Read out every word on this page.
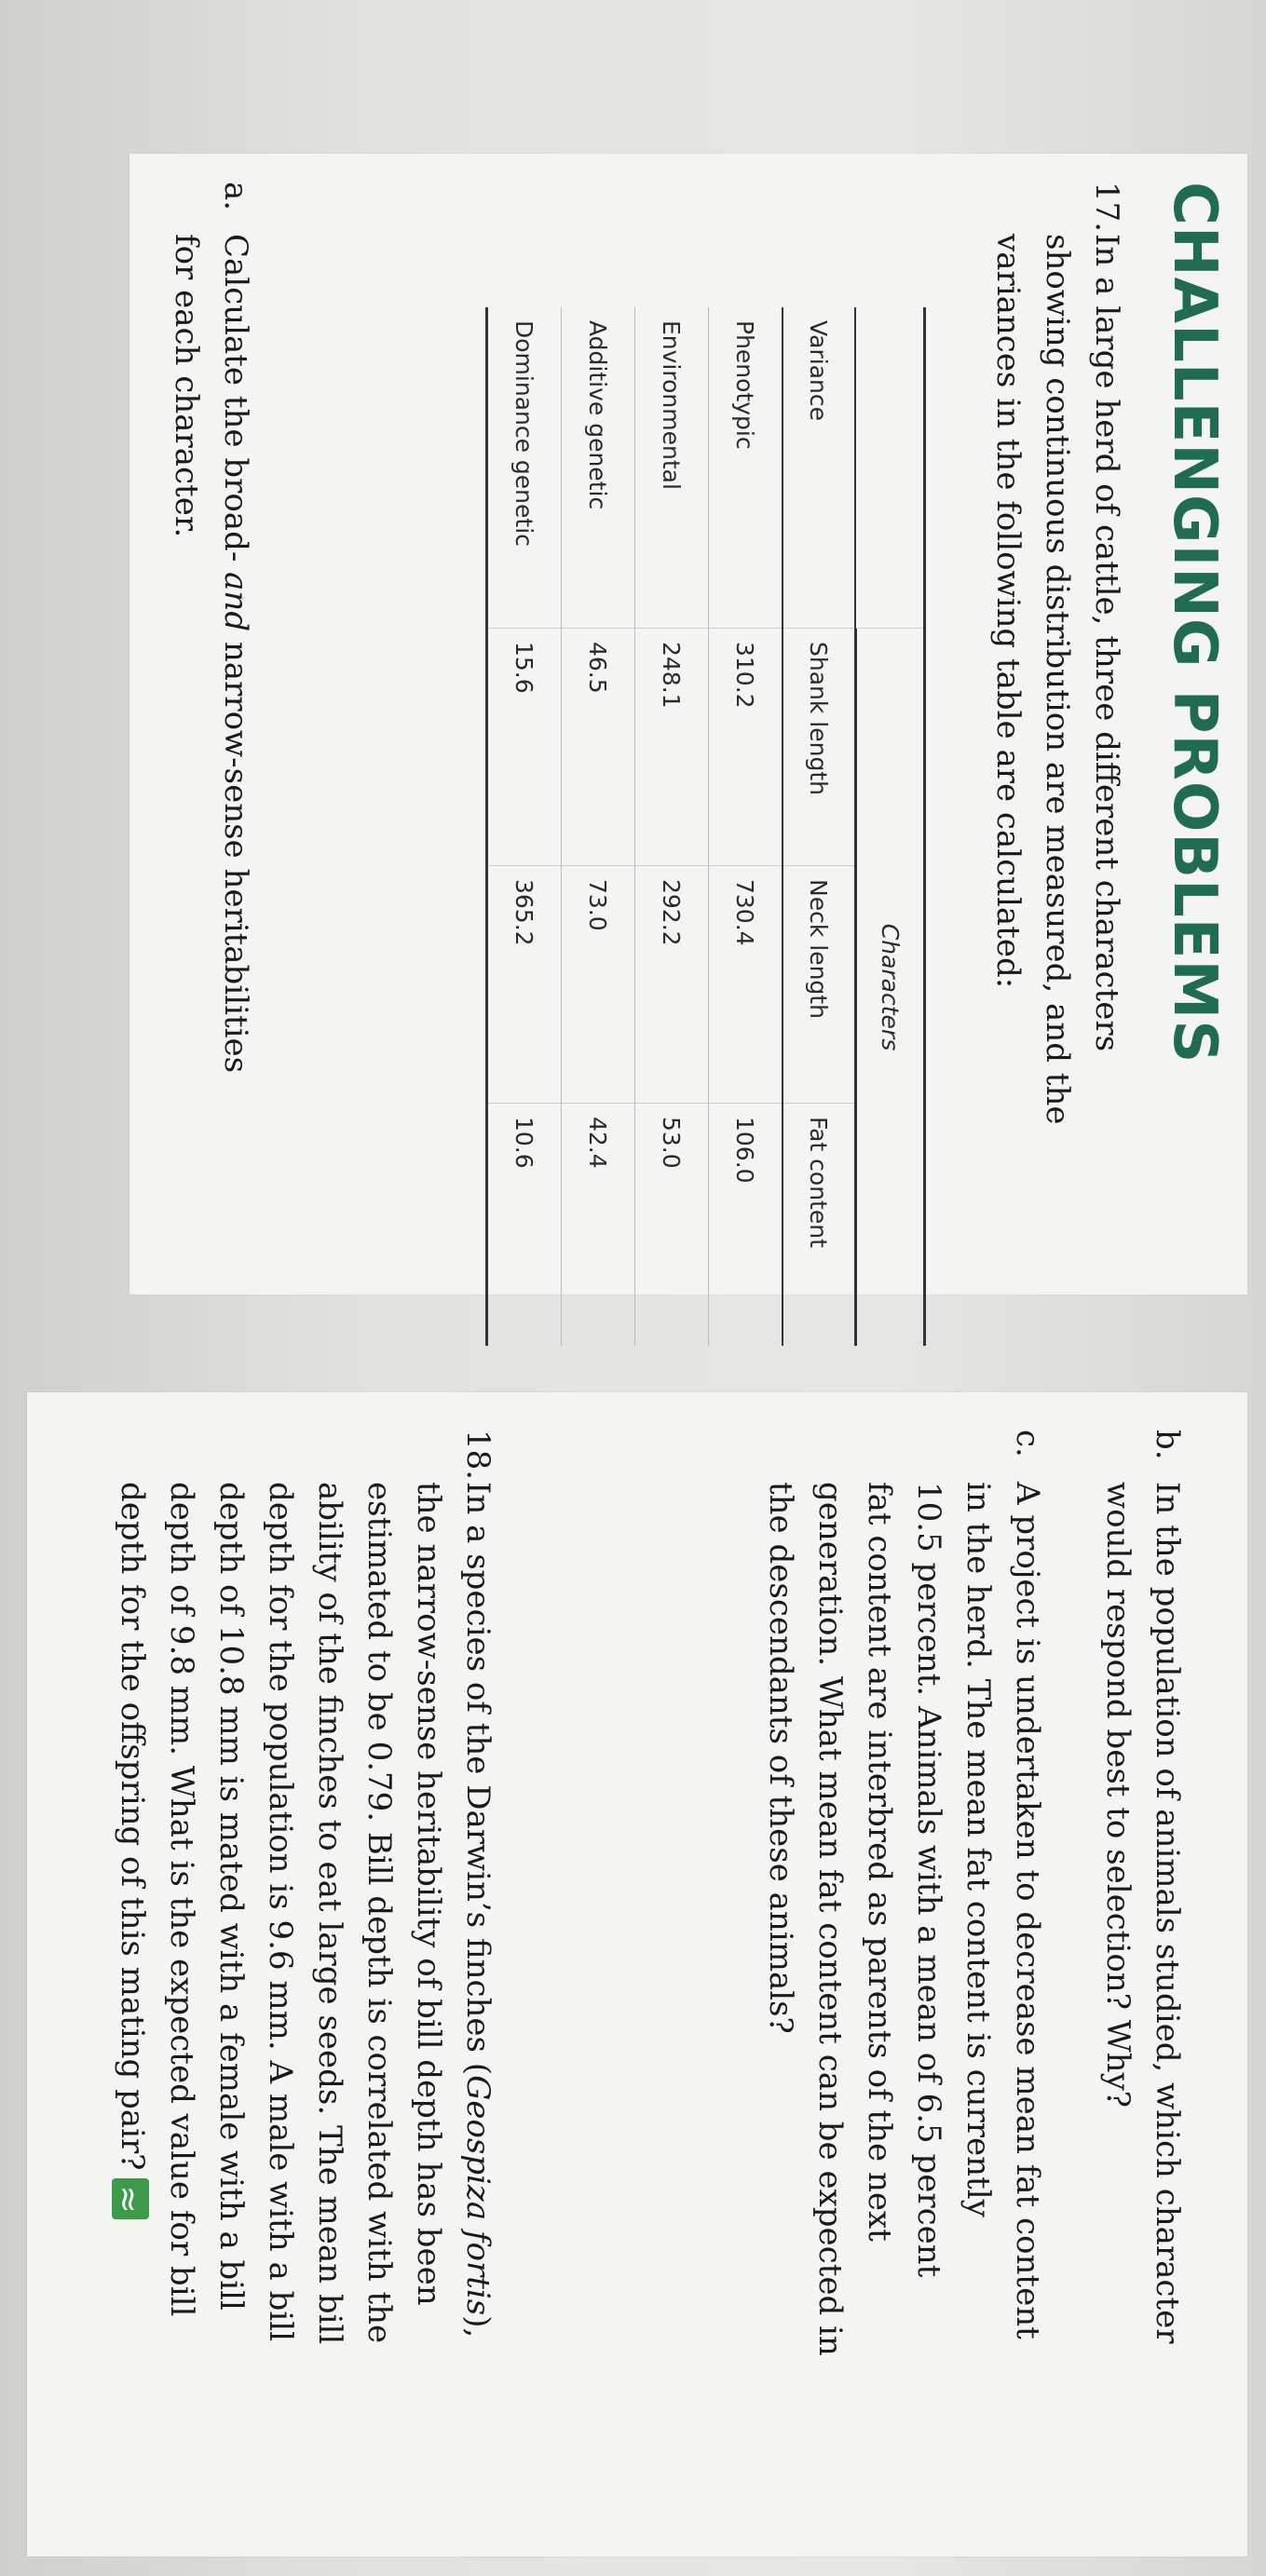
CHALLENGING PROBLEMS
17.In a large herd of cattle, three different characters
showing continuous distribution are measured, and the
variances in the following table are calculated:
Characters
Variance
Shank length
Neck length
Fat content
Phenotypic
310.2
730.4
106.0
Environmental
248.1
292.2
53.0
Additive genetic
46.5
73.0
42.4
Dominance genetic
15.6
365.2
10.6
a.Calculate the broad- and narrow-sense heritabilities
for each character.
b.In the population of animals studied, which character
would respond best to selection? Why?
c.A project is undertaken to decrease mean fat content
in the herd. The mean fat content is currently
10.5 percent. Animals with a mean of 6.5 percent
fat content are interbred as parents of the next
generation. What mean fat content can be expected in
the descendants of these animals?
18.In a species of the Darwin’s finches (Geospiza fortis),
the narrow-sense heritability of bill depth has been
estimated to be 0.79. Bill depth is correlated with the
ability of the finches to eat large seeds. The mean bill
depth for the population is 9.6 mm. A male with a bill
depth of 10.8 mm is mated with a female with a bill
depth of 9.8 mm. What is the expected value for bill
depth for the offspring of this mating pair?≈
